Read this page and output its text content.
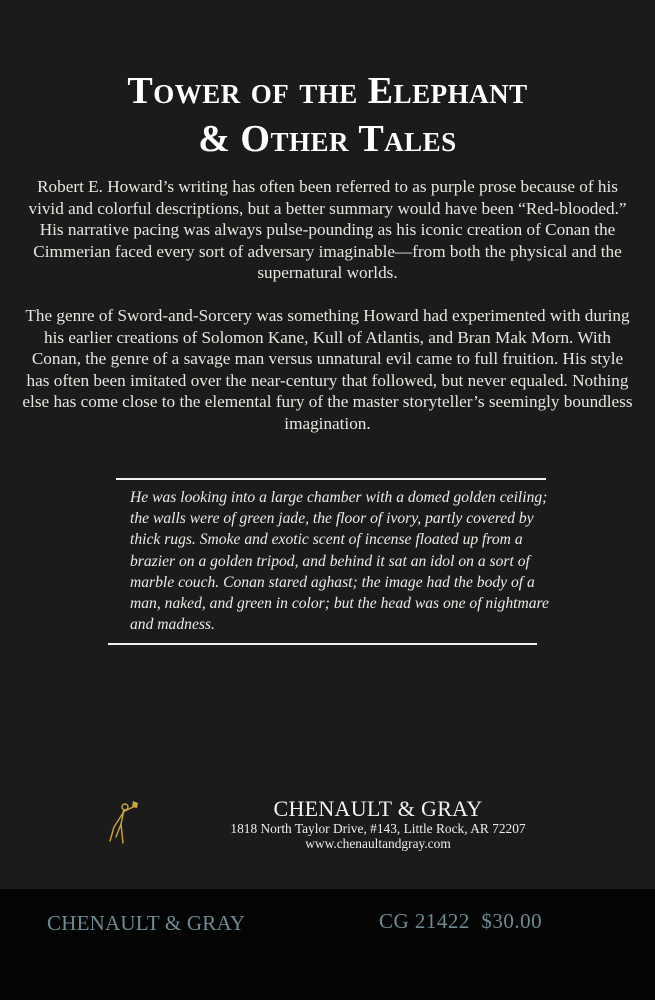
Tower of the Elephant
& Other Tales

Robert E. Howard’s writing has often been referred to as purple prose because of his vivid and colorful descriptions, but a better summary would have been “Red-blooded.” His narrative pacing was always pulse-pounding as his iconic creation of Conan the Cimmerian faced every sort of adversary imaginable—from both the physical and the supernatural worlds.

The genre of Sword-and-Sorcery was something Howard had experimented with during his earlier creations of Solomon Kane, Kull of Atlantis, and Bran Mak Morn. With Conan, the genre of a savage man versus unnatural evil came to full fruition. His style has often been imitated over the near-century that followed, but never equaled. Nothing else has come close to the elemental fury of the master storyteller’s seemingly boundless imagination.

He was looking into a large chamber with a domed golden ceiling; the walls were of green jade, the floor of ivory, partly covered by thick rugs. Smoke and exotic scent of incense floated up from a brazier on a golden tripod, and behind it sat an idol on a sort of marble couch. Conan stared aghast; the image had the body of a man, naked, and green in color; but the head was one of nightmare and madness.

CHENAULT & GRAY
1818 North Taylor Drive, #143, Little Rock, AR 72207
www.chenaultandgray.com
CHENAULT & GRAY	CG 21422  $30.00
